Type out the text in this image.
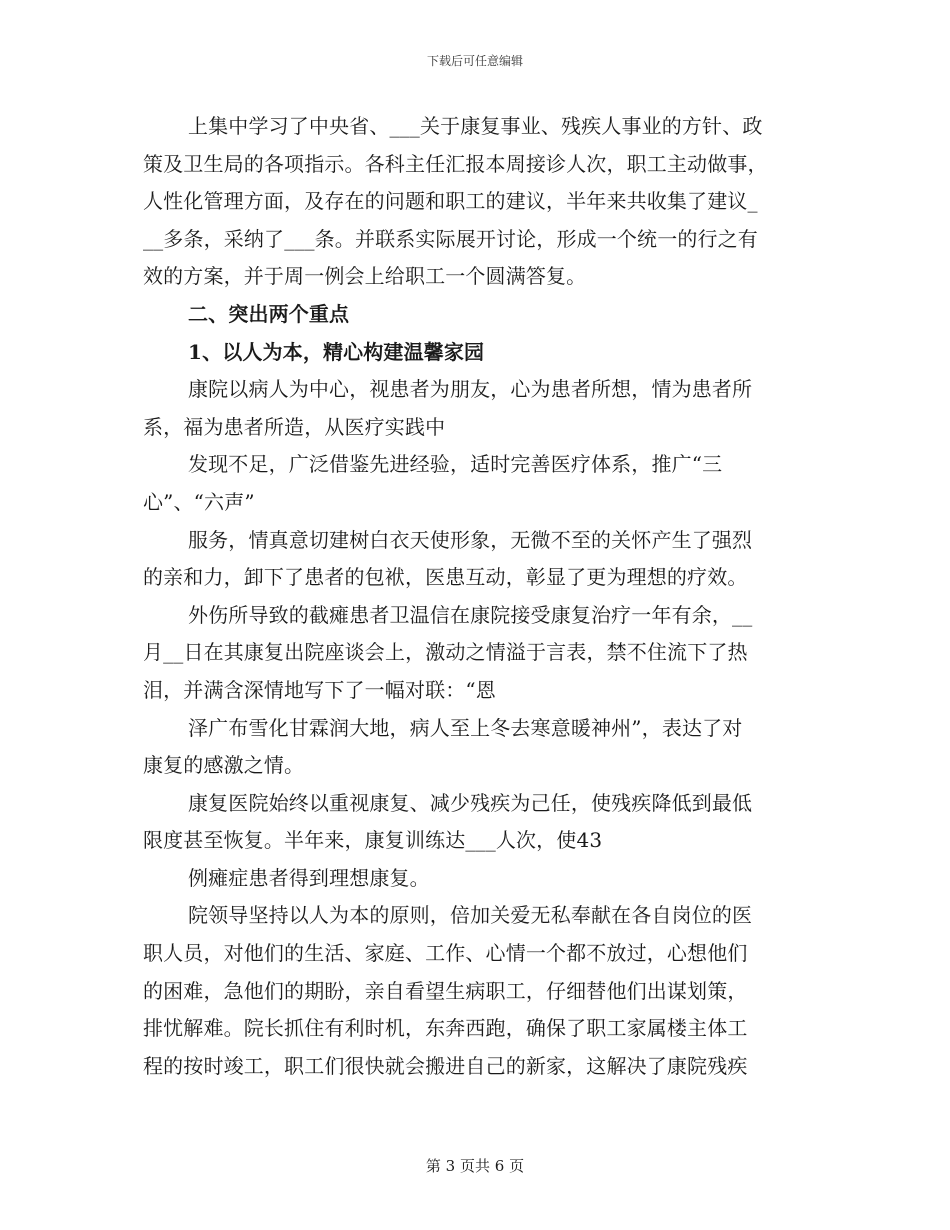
下载后可任意编辑
上集中学习了中央省、___关于康复事业、残疾人事业的方针、政
策及卫生局的各项指示。各科主任汇报本周接诊人次，职工主动做事，
人性化管理方面，及存在的问题和职工的建议，半年来共收集了建议_
__多条，采纳了___条。并联系实际展开讨论，形成一个统一的行之有
效的方案，并于周一例会上给职工一个圆满答复。
二、突出两个重点
1、以人为本，精心构建温馨家园
康院以病人为中心，视患者为朋友，心为患者所想，情为患者所
系，福为患者所造，从医疗实践中
发现不足，广泛借鉴先进经验，适时完善医疗体系，推广“三
心”、“六声”
服务，情真意切建树白衣天使形象，无微不至的关怀产生了强烈
的亲和力，卸下了患者的包袱，医患互动，彰显了更为理想的疗效。
外伤所导致的截瘫患者卫温信在康院接受康复治疗一年有余，__
月__日在其康复出院座谈会上，激动之情溢于言表，禁不住流下了热
泪，并满含深情地写下了一幅对联：“恩
泽广布雪化甘霖润大地，病人至上冬去寒意暖神州”，表达了对
康复的感激之情。
康复医院始终以重视康复、减少残疾为己任，使残疾降低到最低
限度甚至恢复。半年来，康复训练达___人次，使43
例瘫症患者得到理想康复。
院领导坚持以人为本的原则，倍加关爱无私奉献在各自岗位的医
职人员，对他们的生活、家庭、工作、心情一个都不放过，心想他们
的困难，急他们的期盼，亲自看望生病职工，仔细替他们出谋划策，
排忧解难。院长抓住有利时机，东奔西跑，确保了职工家属楼主体工
程的按时竣工，职工们很快就会搬进自己的新家，这解决了康院残疾
第 3 页共 6 页
